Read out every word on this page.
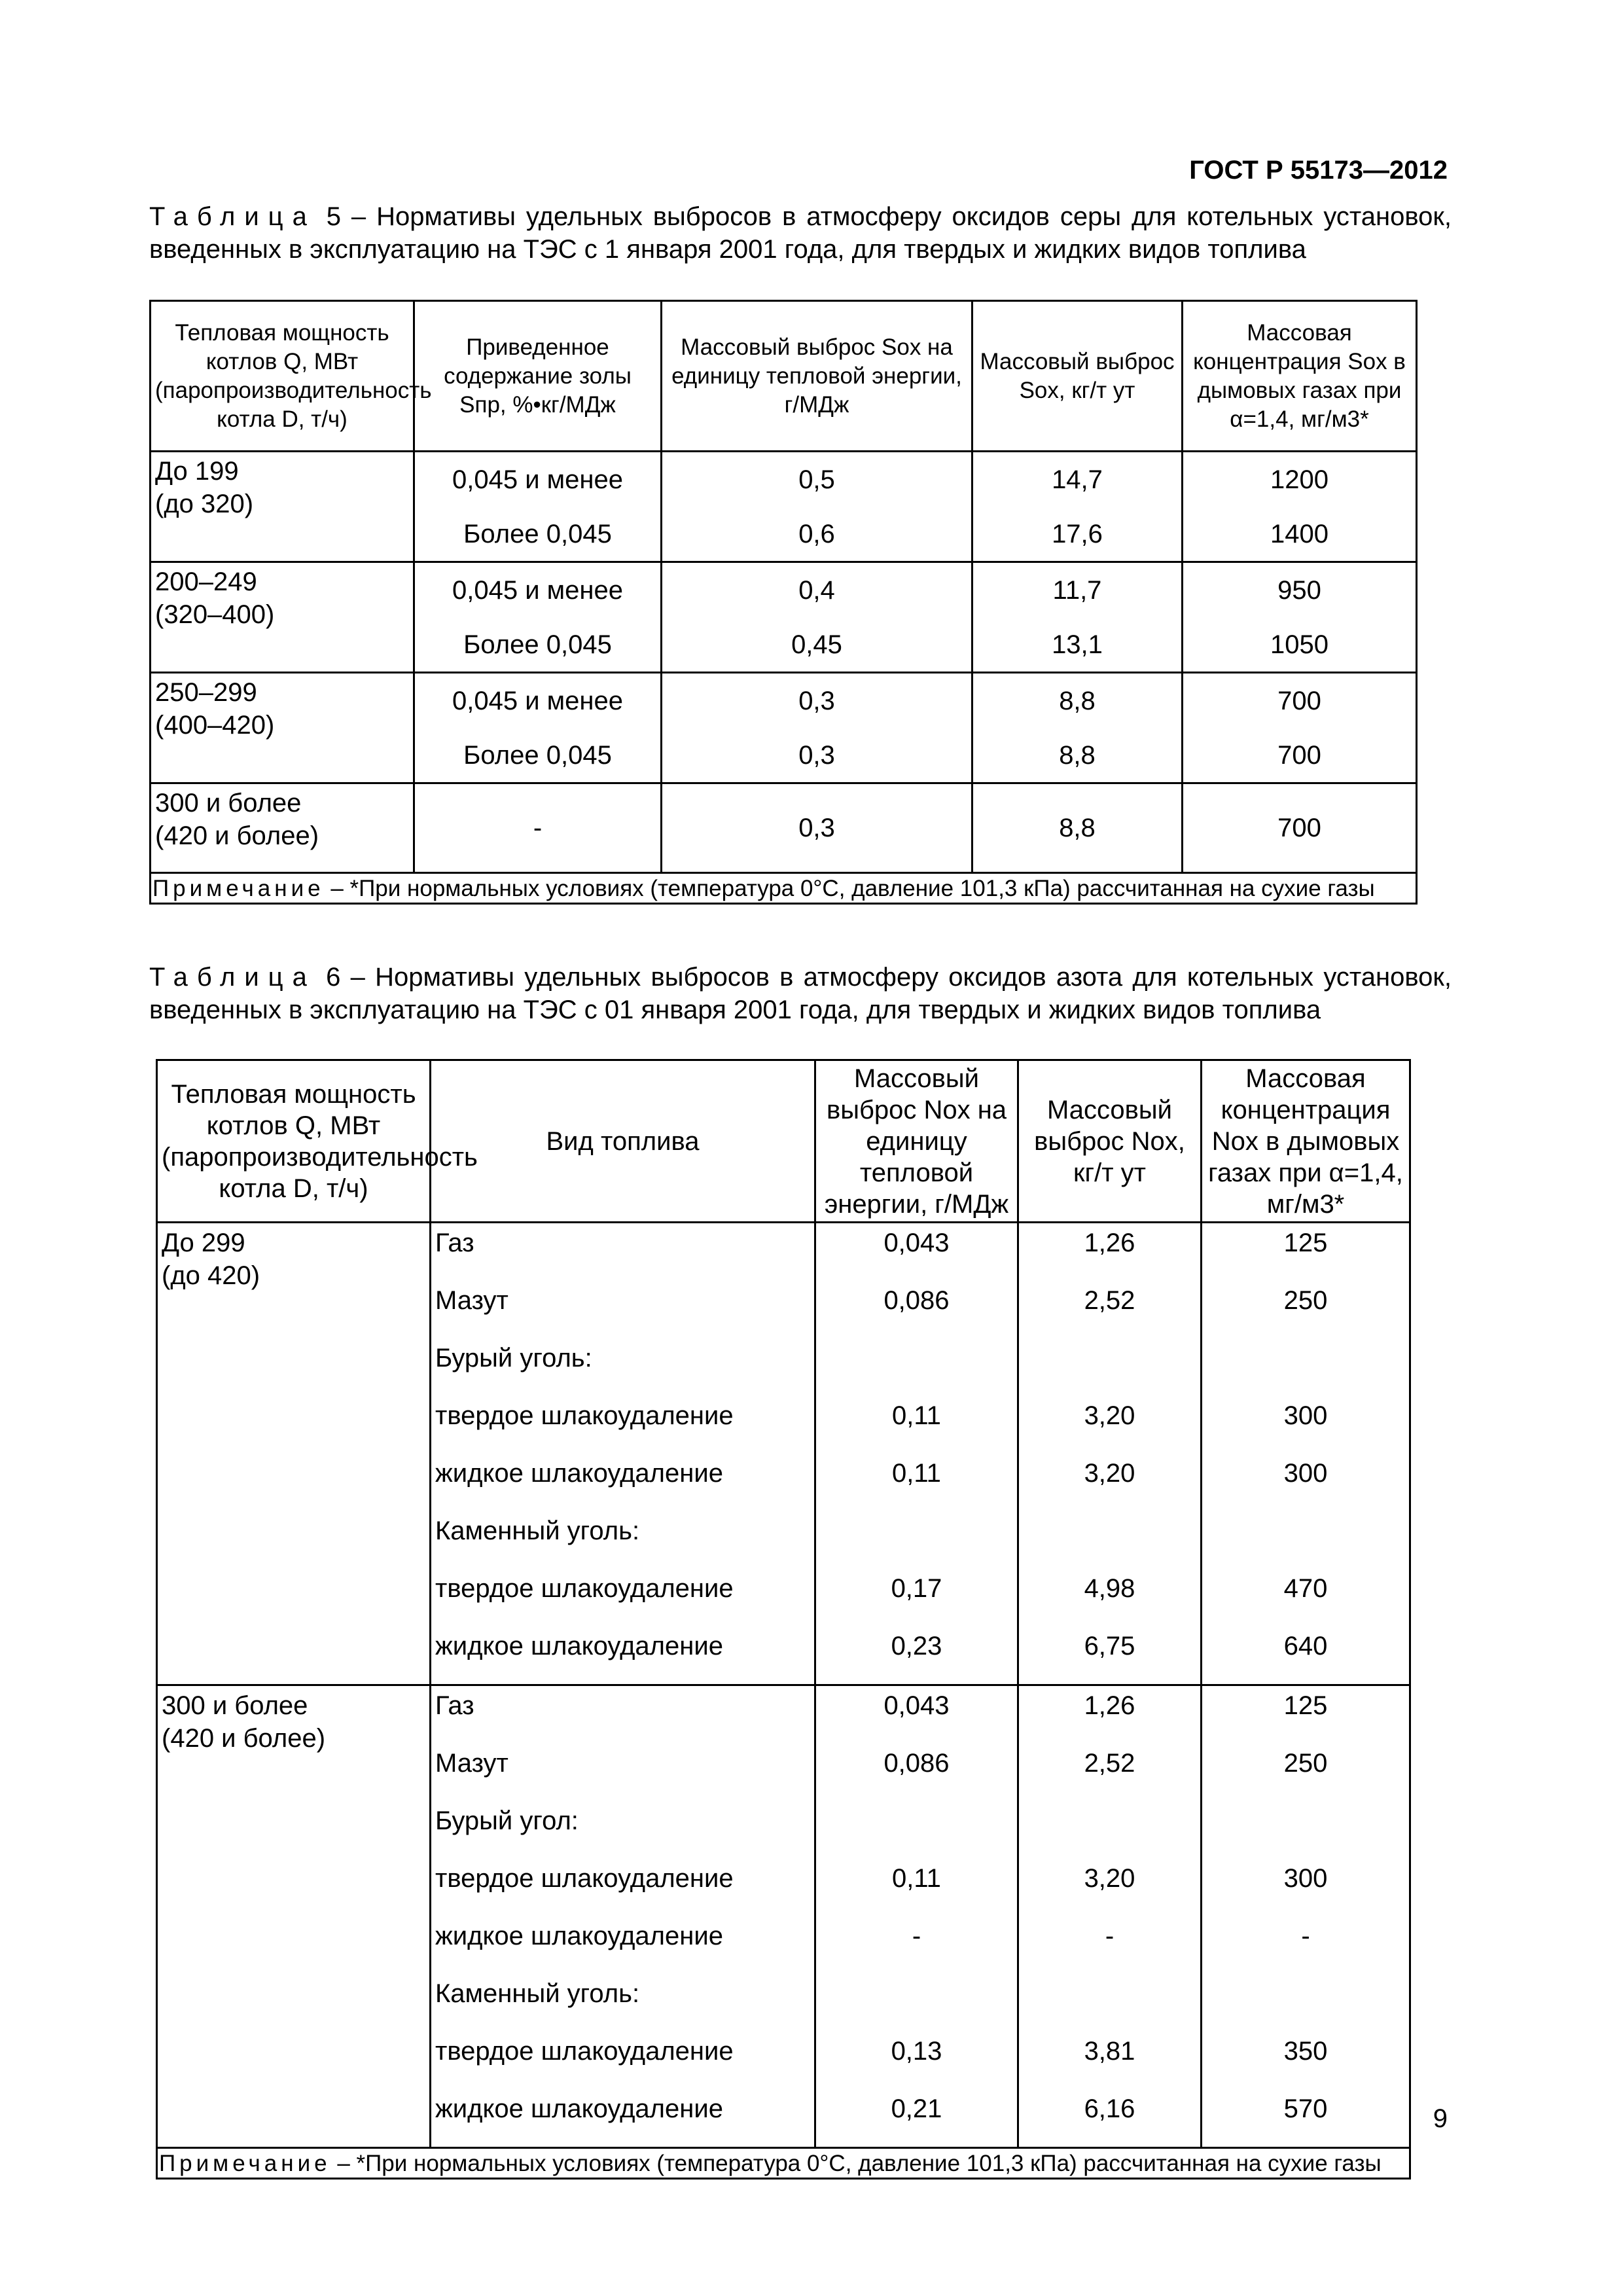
ГОСТ Р 55173—2012
Таблица 5 – Нормативы удельных выбросов в атмосферу оксидов серы для котельных установок, введенных в эксплуатацию на ТЭС с 1 января 2001 года, для твердых и жидких видов топлива
Тепловая мощность котлов Q, МВт (паропроизводительность котла D, т/ч)	Приведенное содержание золы Sпр, %•кг/МДж	Массовый выброс Sox на единицу тепловой энергии, г/МДж	Массовый выброс Sox, кг/т ут	Массовая концентрация Sox в дымовых газах при α=1,4, мг/м3*

До 199
(до 320)	0,045 и менее	0,5	14,7	1200
	Более 0,045	0,6	17,6	1400

200–249
(320–400)	0,045 и менее	0,4	11,7	950
	Более 0,045	0,45	13,1	1050

250–299
(400–420)	0,045 и менее	0,3	8,8	700
	Более 0,045	0,3	8,8	700

300 и более
(420 и более)	-	0,3	8,8	700
Примечание – *При нормальных условиях (температура 0°С, давление 101,3 кПа) рассчитанная на сухие газы				
Таблица 6 – Нормативы удельных выбросов в атмосферу оксидов азота для котельных установок, введенных в эксплуатацию на ТЭС с 01 января 2001 года, для твердых и жидких видов топлива
Тепловая мощность котлов Q, МВт (паропроизводительность котла D, т/ч)	Вид топлива	Массовый выброс Nox на единицу тепловой энергии, г/МДж	Массовый выброс Nox, кг/т ут	Массовая концентрация Nox в дымовых газах при α=1,4, мг/м3*

До 299
(до 420)	Газ	0,043	1,26	125
	Мазут	0,086	2,52	250
	Бурый уголь:			
	твердое шлакоудаление	0,11	3,20	300
	жидкое шлакоудаление	0,11	3,20	300
	Каменный уголь:			
	твердое шлакоудаление	0,17	4,98	470
	жидкое шлакоудаление	0,23	6,75	640

300 и более
(420 и более)	Газ	0,043	1,26	125
	Мазут	0,086	2,52	250
	Бурый угол:			
	твердое шлакоудаление	0,11	3,20	300
	жидкое шлакоудаление	-	-	-
	Каменный уголь:			
	твердое шлакоудаление	0,13	3,81	350
	жидкое шлакоудаление	0,21	6,16	570
Примечание – *При нормальных условиях (температура 0°С, давление 101,3 кПа) рассчитанная на сухие газы				
9
